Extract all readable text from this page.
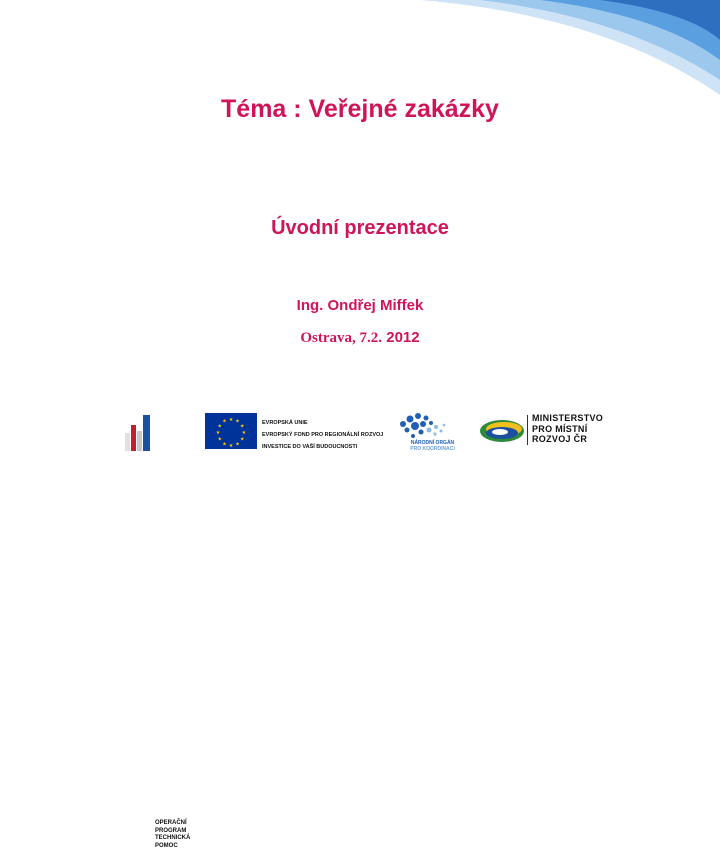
Téma : Veřejné zakázky
Úvodní prezentace
Ing. Ondřej Miffek
Ostrava, 7.2. 2012
OPERAČNÍ
PROGRAM
TECHNICKÁ
POMOC
★ ★
★
★
★
★
★
★
★
★
★
★	EVROPSKÁ UNIE
EVROPSKÝ FOND PRO REGIONÁLNÍ ROZVOJ
INVESTICE DO VAŠÍ BUDOUCNOSTI
NÁRODNÍ ORGÁN
PRO KOORDINACI
MINISTERSTVO
PRO MÍSTNÍ
ROZVOJ ČR
